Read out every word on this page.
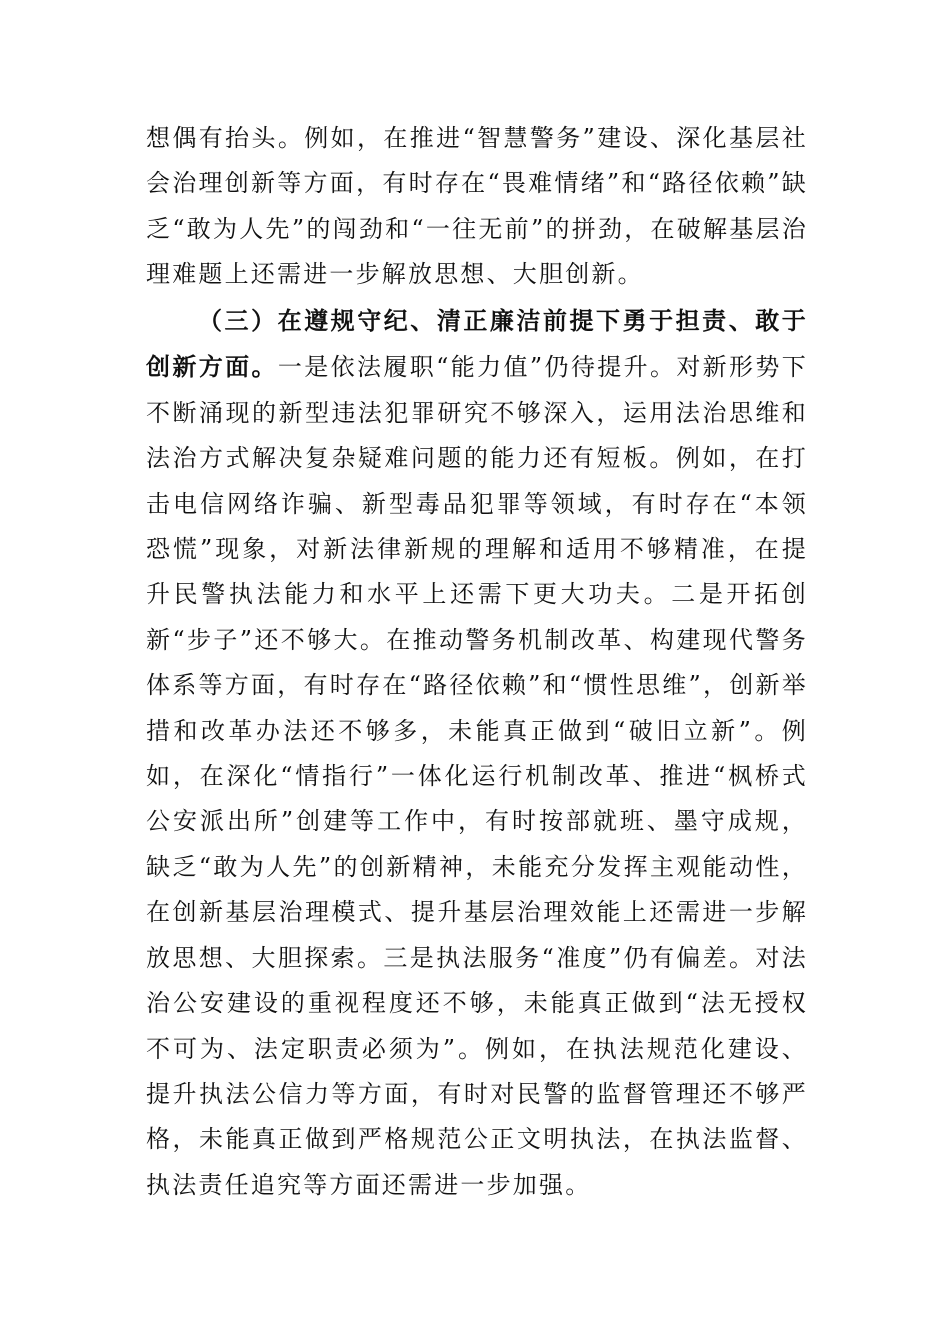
想偶有抬头。例如，在推进“智慧警务”建设、深化基层社会治理创新等方面，有时存在“畏难情绪”和“路径依赖”缺乏“敢为人先”的闯劲和“一往无前”的拼劲，在破解基层治理难题上还需进一步解放思想、大胆创新。

（三）在遵规守纪、清正廉洁前提下勇于担责、敢于创新方面。一是依法履职“能力值”仍待提升。对新形势下不断涌现的新型违法犯罪研究不够深入，运用法治思维和法治方式解决复杂疑难问题的能力还有短板。例如，在打击电信网络诈骗、新型毒品犯罪等领域，有时存在“本领恐慌”现象，对新法律新规的理解和适用不够精准，在提升民警执法能力和水平上还需下更大功夫。二是开拓创新“步子”还不够大。在推动警务机制改革、构建现代警务体系等方面，有时存在“路径依赖”和“惯性思维”，创新举措和改革办法还不够多，未能真正做到“破旧立新”。例如，在深化“情指行”一体化运行机制改革、推进“枫桥式公安派出所”创建等工作中，有时按部就班、墨守成规，缺乏“敢为人先”的创新精神，未能充分发挥主观能动性，在创新基层治理模式、提升基层治理效能上还需进一步解放思想、大胆探索。三是执法服务“准度”仍有偏差。对法治公安建设的重视程度还不够，未能真正做到“法无授权不可为、法定职责必须为”。例如，在执法规范化建设、提升执法公信力等方面，有时对民警的监督管理还不够严格，未能真正做到严格规范公正文明执法，在执法监督、执法责任追究等方面还需进一步加强。
